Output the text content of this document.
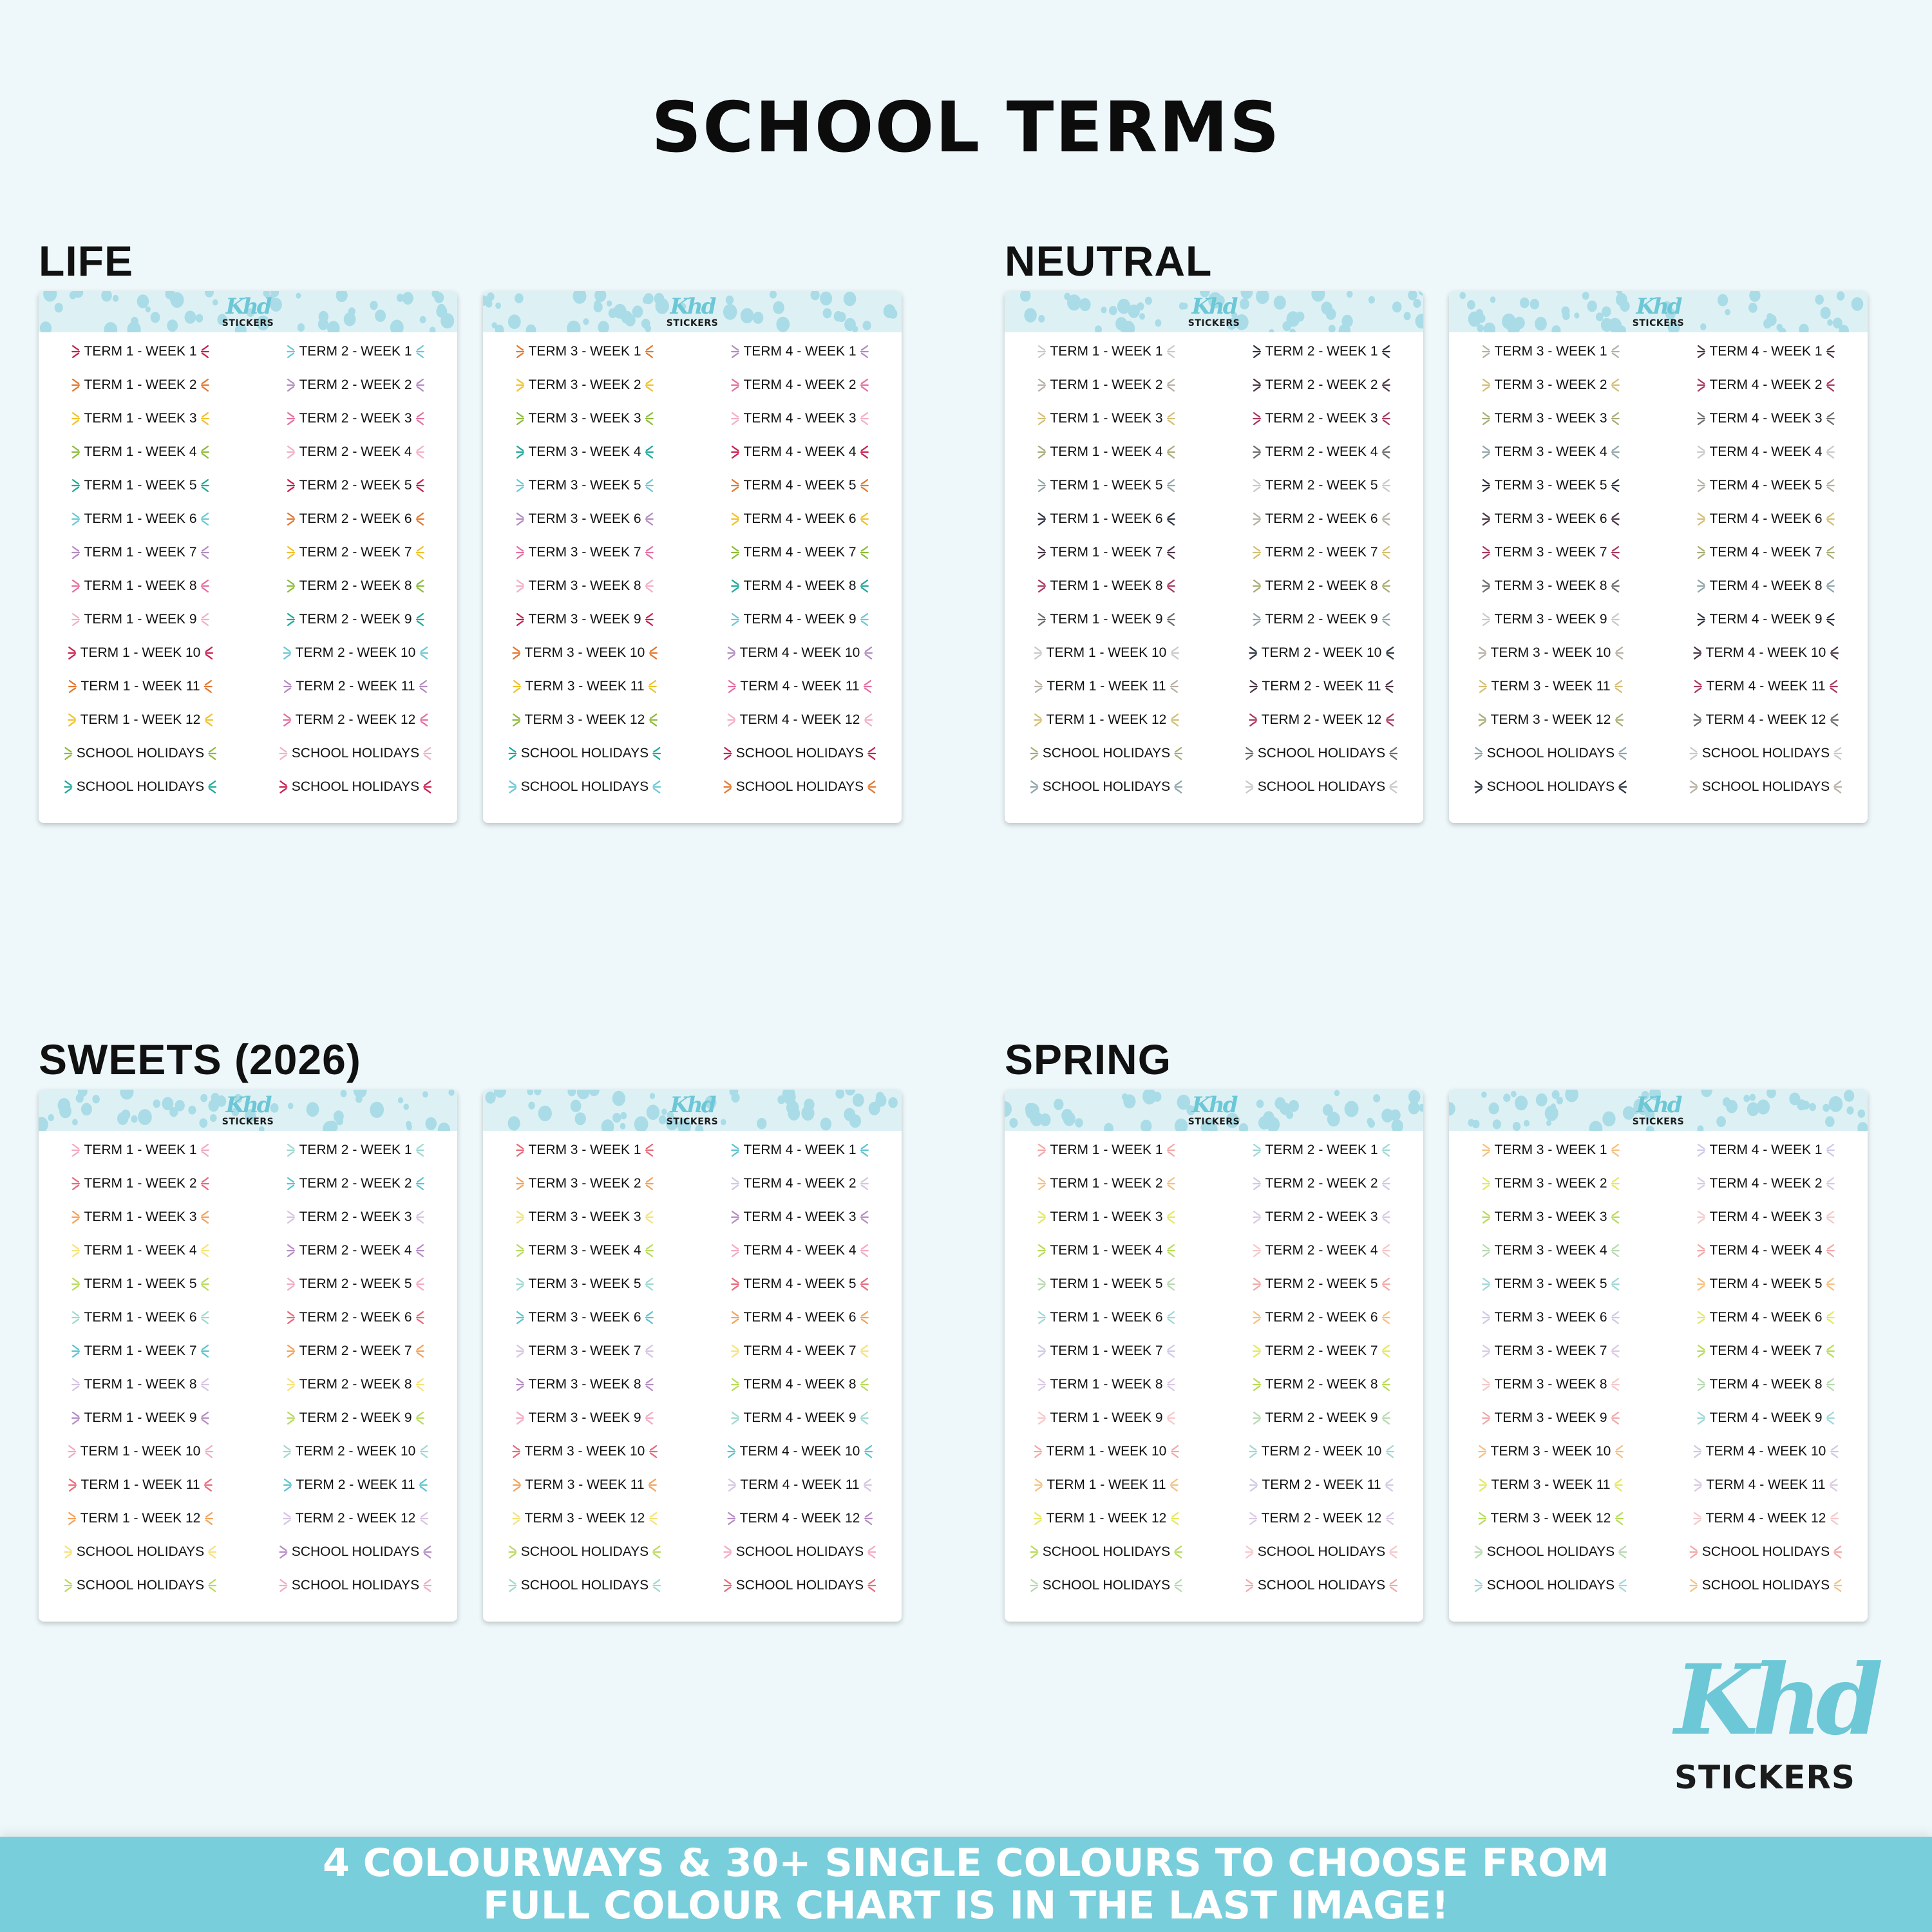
SCHOOL TERMS
LIFE
Khd
STICKERS
TERM 1 - WEEK 1
TERM 1 - WEEK 2
TERM 1 - WEEK 3
TERM 1 - WEEK 4
TERM 1 - WEEK 5
TERM 1 - WEEK 6
TERM 1 - WEEK 7
TERM 1 - WEEK 8
TERM 1 - WEEK 9
TERM 1 - WEEK 10
TERM 1 - WEEK 11
TERM 1 - WEEK 12
SCHOOL HOLIDAYS
SCHOOL HOLIDAYS
TERM 2 - WEEK 1
TERM 2 - WEEK 2
TERM 2 - WEEK 3
TERM 2 - WEEK 4
TERM 2 - WEEK 5
TERM 2 - WEEK 6
TERM 2 - WEEK 7
TERM 2 - WEEK 8
TERM 2 - WEEK 9
TERM 2 - WEEK 10
TERM 2 - WEEK 11
TERM 2 - WEEK 12
SCHOOL HOLIDAYS
SCHOOL HOLIDAYS
Khd
STICKERS
TERM 3 - WEEK 1
TERM 3 - WEEK 2
TERM 3 - WEEK 3
TERM 3 - WEEK 4
TERM 3 - WEEK 5
TERM 3 - WEEK 6
TERM 3 - WEEK 7
TERM 3 - WEEK 8
TERM 3 - WEEK 9
TERM 3 - WEEK 10
TERM 3 - WEEK 11
TERM 3 - WEEK 12
SCHOOL HOLIDAYS
SCHOOL HOLIDAYS
TERM 4 - WEEK 1
TERM 4 - WEEK 2
TERM 4 - WEEK 3
TERM 4 - WEEK 4
TERM 4 - WEEK 5
TERM 4 - WEEK 6
TERM 4 - WEEK 7
TERM 4 - WEEK 8
TERM 4 - WEEK 9
TERM 4 - WEEK 10
TERM 4 - WEEK 11
TERM 4 - WEEK 12
SCHOOL HOLIDAYS
SCHOOL HOLIDAYS
NEUTRAL
Khd
STICKERS
TERM 1 - WEEK 1
TERM 1 - WEEK 2
TERM 1 - WEEK 3
TERM 1 - WEEK 4
TERM 1 - WEEK 5
TERM 1 - WEEK 6
TERM 1 - WEEK 7
TERM 1 - WEEK 8
TERM 1 - WEEK 9
TERM 1 - WEEK 10
TERM 1 - WEEK 11
TERM 1 - WEEK 12
SCHOOL HOLIDAYS
SCHOOL HOLIDAYS
TERM 2 - WEEK 1
TERM 2 - WEEK 2
TERM 2 - WEEK 3
TERM 2 - WEEK 4
TERM 2 - WEEK 5
TERM 2 - WEEK 6
TERM 2 - WEEK 7
TERM 2 - WEEK 8
TERM 2 - WEEK 9
TERM 2 - WEEK 10
TERM 2 - WEEK 11
TERM 2 - WEEK 12
SCHOOL HOLIDAYS
SCHOOL HOLIDAYS
Khd
STICKERS
TERM 3 - WEEK 1
TERM 3 - WEEK 2
TERM 3 - WEEK 3
TERM 3 - WEEK 4
TERM 3 - WEEK 5
TERM 3 - WEEK 6
TERM 3 - WEEK 7
TERM 3 - WEEK 8
TERM 3 - WEEK 9
TERM 3 - WEEK 10
TERM 3 - WEEK 11
TERM 3 - WEEK 12
SCHOOL HOLIDAYS
SCHOOL HOLIDAYS
TERM 4 - WEEK 1
TERM 4 - WEEK 2
TERM 4 - WEEK 3
TERM 4 - WEEK 4
TERM 4 - WEEK 5
TERM 4 - WEEK 6
TERM 4 - WEEK 7
TERM 4 - WEEK 8
TERM 4 - WEEK 9
TERM 4 - WEEK 10
TERM 4 - WEEK 11
TERM 4 - WEEK 12
SCHOOL HOLIDAYS
SCHOOL HOLIDAYS
SWEETS (2026)
Khd
STICKERS
TERM 1 - WEEK 1
TERM 1 - WEEK 2
TERM 1 - WEEK 3
TERM 1 - WEEK 4
TERM 1 - WEEK 5
TERM 1 - WEEK 6
TERM 1 - WEEK 7
TERM 1 - WEEK 8
TERM 1 - WEEK 9
TERM 1 - WEEK 10
TERM 1 - WEEK 11
TERM 1 - WEEK 12
SCHOOL HOLIDAYS
SCHOOL HOLIDAYS
TERM 2 - WEEK 1
TERM 2 - WEEK 2
TERM 2 - WEEK 3
TERM 2 - WEEK 4
TERM 2 - WEEK 5
TERM 2 - WEEK 6
TERM 2 - WEEK 7
TERM 2 - WEEK 8
TERM 2 - WEEK 9
TERM 2 - WEEK 10
TERM 2 - WEEK 11
TERM 2 - WEEK 12
SCHOOL HOLIDAYS
SCHOOL HOLIDAYS
Khd
STICKERS
TERM 3 - WEEK 1
TERM 3 - WEEK 2
TERM 3 - WEEK 3
TERM 3 - WEEK 4
TERM 3 - WEEK 5
TERM 3 - WEEK 6
TERM 3 - WEEK 7
TERM 3 - WEEK 8
TERM 3 - WEEK 9
TERM 3 - WEEK 10
TERM 3 - WEEK 11
TERM 3 - WEEK 12
SCHOOL HOLIDAYS
SCHOOL HOLIDAYS
TERM 4 - WEEK 1
TERM 4 - WEEK 2
TERM 4 - WEEK 3
TERM 4 - WEEK 4
TERM 4 - WEEK 5
TERM 4 - WEEK 6
TERM 4 - WEEK 7
TERM 4 - WEEK 8
TERM 4 - WEEK 9
TERM 4 - WEEK 10
TERM 4 - WEEK 11
TERM 4 - WEEK 12
SCHOOL HOLIDAYS
SCHOOL HOLIDAYS
SPRING
Khd
STICKERS
TERM 1 - WEEK 1
TERM 1 - WEEK 2
TERM 1 - WEEK 3
TERM 1 - WEEK 4
TERM 1 - WEEK 5
TERM 1 - WEEK 6
TERM 1 - WEEK 7
TERM 1 - WEEK 8
TERM 1 - WEEK 9
TERM 1 - WEEK 10
TERM 1 - WEEK 11
TERM 1 - WEEK 12
SCHOOL HOLIDAYS
SCHOOL HOLIDAYS
TERM 2 - WEEK 1
TERM 2 - WEEK 2
TERM 2 - WEEK 3
TERM 2 - WEEK 4
TERM 2 - WEEK 5
TERM 2 - WEEK 6
TERM 2 - WEEK 7
TERM 2 - WEEK 8
TERM 2 - WEEK 9
TERM 2 - WEEK 10
TERM 2 - WEEK 11
TERM 2 - WEEK 12
SCHOOL HOLIDAYS
SCHOOL HOLIDAYS
Khd
STICKERS
TERM 3 - WEEK 1
TERM 3 - WEEK 2
TERM 3 - WEEK 3
TERM 3 - WEEK 4
TERM 3 - WEEK 5
TERM 3 - WEEK 6
TERM 3 - WEEK 7
TERM 3 - WEEK 8
TERM 3 - WEEK 9
TERM 3 - WEEK 10
TERM 3 - WEEK 11
TERM 3 - WEEK 12
SCHOOL HOLIDAYS
SCHOOL HOLIDAYS
TERM 4 - WEEK 1
TERM 4 - WEEK 2
TERM 4 - WEEK 3
TERM 4 - WEEK 4
TERM 4 - WEEK 5
TERM 4 - WEEK 6
TERM 4 - WEEK 7
TERM 4 - WEEK 8
TERM 4 - WEEK 9
TERM 4 - WEEK 10
TERM 4 - WEEK 11
TERM 4 - WEEK 12
SCHOOL HOLIDAYS
SCHOOL HOLIDAYS
Khd
STICKERS

4 COLOURWAYS & 30+ SINGLE COLOURS TO CHOOSE FROM

FULL COLOUR CHART IS IN THE LAST IMAGE!
